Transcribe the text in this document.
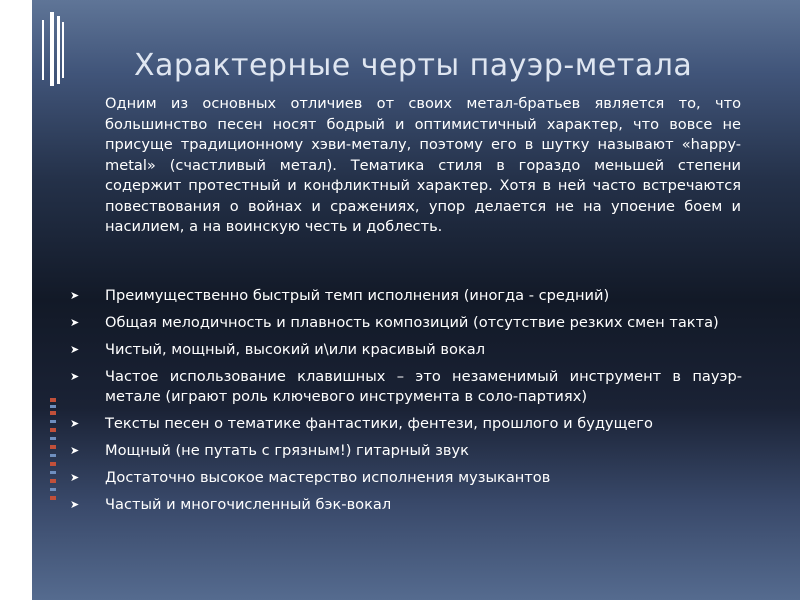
Характерные черты пауэр-метала
Одним из основных отличиев от своих метал-братьев является то, что большинство песен носят бодрый и оптимистичный характер, что вовсе не присуще традиционному хэви-металу, поэтому его в шутку называют «happy-metal» (счастливый метал). Тематика стиля в гораздо меньшей степени содержит протестный и конфликтный характер. Хотя в ней часто встречаются повествования о войнах и сражениях, упор делается не на упоение боем и насилием, а на воинскую честь и доблесть.
➤	Преимущественно быстрый темп исполнения (иногда - средний)
➤	Общая мелодичность и плавность композиций (отсутствие резких смен такта)
➤	Чистый, мощный, высокий и\или красивый вокал
➤	Частое использование клавишных – это незаменимый инструмент в пауэр-метале (играют роль ключевого инструмента в соло-партиях)
➤	Тексты песен о тематике фантастики, фентези, прошлого и будущего
➤	Мощный (не путать с грязным!) гитарный звук
➤	Достаточно высокое мастерство исполнения музыкантов
➤	Частый и многочисленный бэк-вокал
